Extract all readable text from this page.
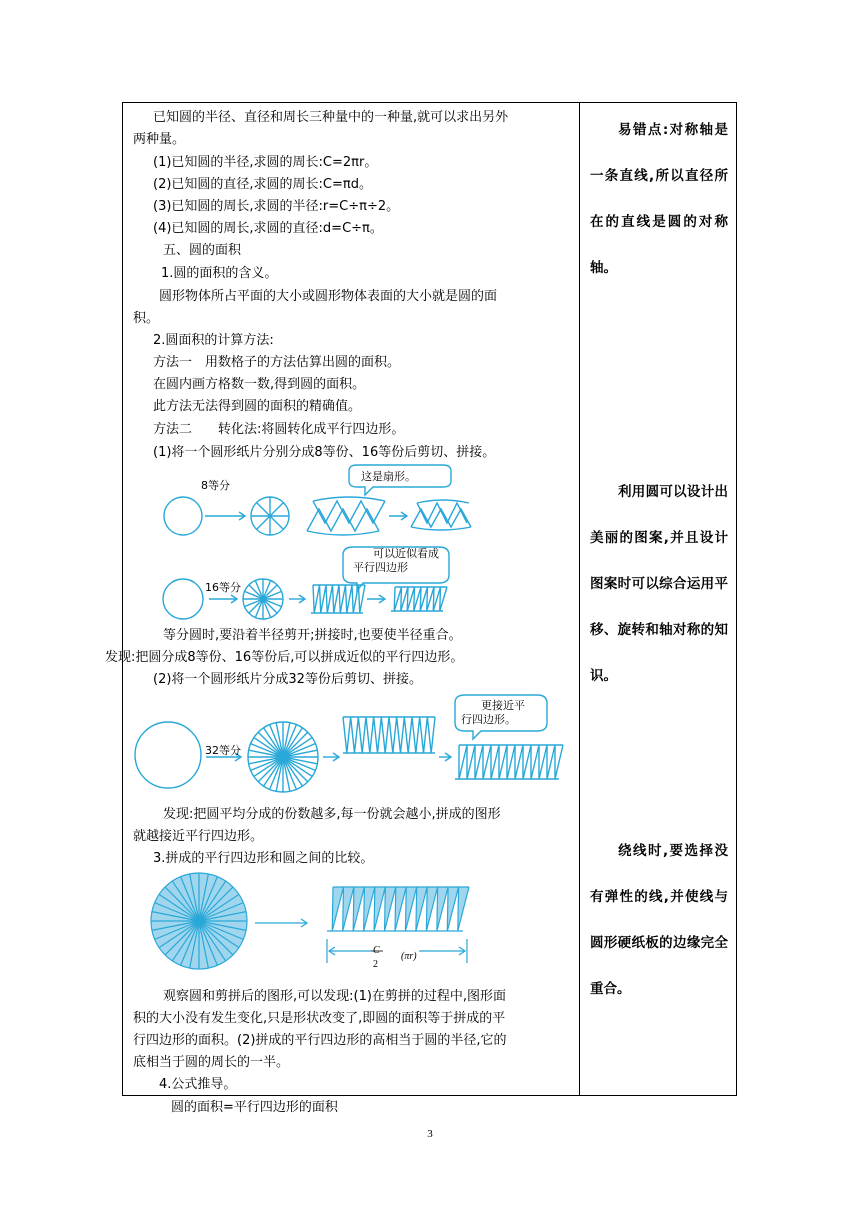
已知圆的半径、直径和周长三种量中的一种量,就可以求出另外
两种量。
(1)已知圆的半径,求圆的周长:C=2πr。
(2)已知圆的直径,求圆的周长:C=πd。
(3)已知圆的周长,求圆的半径:r=C÷π÷2。
(4)已知圆的周长,求圆的直径:d=C÷π。
五、圆的面积
1.圆的面积的含义。
圆形物体所占平面的大小或圆形物体表面的大小就是圆的面
积。
2.圆面积的计算方法:
方法一　用数格子的方法估算出圆的面积。
在圆内画方格数一数,得到圆的面积。
此方法无法得到圆的面积的精确值。
方法二　　转化法:将圆转化成平行四边形。
(1)将一个圆形纸片分别分成8等份、16等份后剪切、拼接。
8等分
这是扇形。
16等分
可以近似看成
平行四边形
等分圆时,要沿着半径剪开;拼接时,也要使半径重合。
发现:把圆分成8等份、16等份后,可以拼成近似的平行四边形。
(2)将一个圆形纸片分成32等份后剪切、拼接。
32等分
更接近平
行四边形。
发现:把圆平均分成的份数越多,每一份就会越小,拼成的图形
就越接近平行四边形。
3.拼成的平行四边形和圆之间的比较。
C
2
(πr)
观察圆和剪拼后的图形,可以发现:(1)在剪拼的过程中,图形面
积的大小没有发生变化,只是形状改变了,即圆的面积等于拼成的平
行四边形的面积。(2)拼成的平行四边形的高相当于圆的半径,它的
底相当于圆的周长的一半。
4.公式推导。
圆的面积=平行四边形的面积
易错点:对称轴是一条直线,所以直径所在的直线是圆的对称轴。
利用圆可以设计出美丽的图案,并且设计图案时可以综合运用平移、旋转和轴对称的知识。
绕线时,要选择没有弹性的线,并使线与圆形硬纸板的边缘完全重合。
3
